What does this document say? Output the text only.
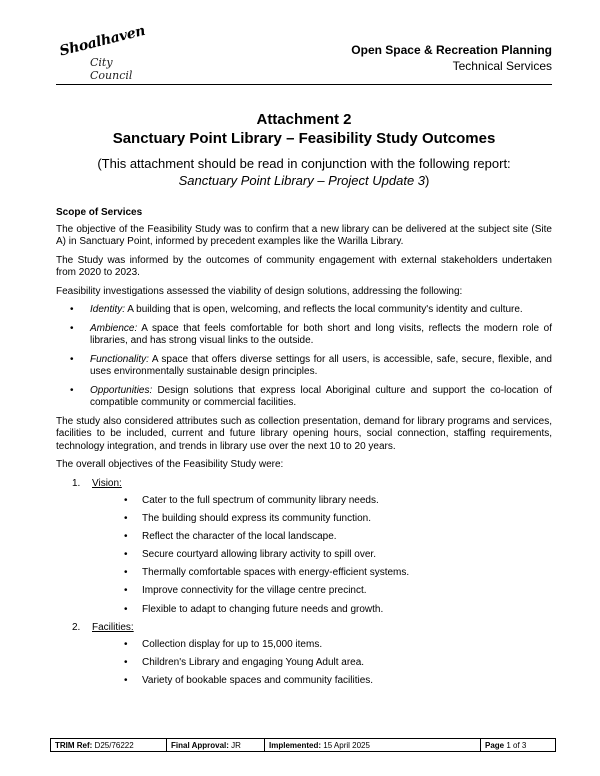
Shoalhaven
City Council
Open Space & Recreation Planning
Technical Services
Attachment 2
Sanctuary Point Library – Feasibility Study Outcomes
(This attachment should be read in conjunction with the following report:
Sanctuary Point Library – Project Update 3)
Scope of Services

The objective of the Feasibility Study was to confirm that a new library can be delivered at the subject site (Site A) in Sanctuary Point, informed by precedent examples like the Warilla Library.

The Study was informed by the outcomes of community engagement with external stakeholders undertaken from 2020 to 2023.

Feasibility investigations assessed the viability of design solutions, addressing the following:

•	Identity: A building that is open, welcoming, and reflects the local community's identity and culture.
•	Ambience: A space that feels comfortable for both short and long visits, reflects the modern role of libraries, and has strong visual links to the outside.
•	Functionality: A space that offers diverse settings for all users, is accessible, safe, secure, flexible, and uses environmentally sustainable design principles.
•	Opportunities: Design solutions that express local Aboriginal culture and support the co-location of compatible community or commercial facilities.

The study also considered attributes such as collection presentation, demand for library programs and services, facilities to be included, current and future library opening hours, social connection, staffing requirements, technology integration, and trends in library use over the next 10 to 20 years.

The overall objectives of the Feasibility Study were:

1.	Vision:
•	Cater to the full spectrum of community library needs.
•	The building should express its community function.
•	Reflect the character of the local landscape.
•	Secure courtyard allowing library activity to spill over.
•	Thermally comfortable spaces with energy-efficient systems.
•	Improve connectivity for the village centre precinct.
•	Flexible to adapt to changing future needs and growth.
2.	Facilities:
•	Collection display for up to 15,000 items.
•	Children's Library and engaging Young Adult area.
•	Variety of bookable spaces and community facilities.
TRIM Ref: D25/76222	Final Approval: JR	Implemented: 15 April 2025	Page 1 of 3
